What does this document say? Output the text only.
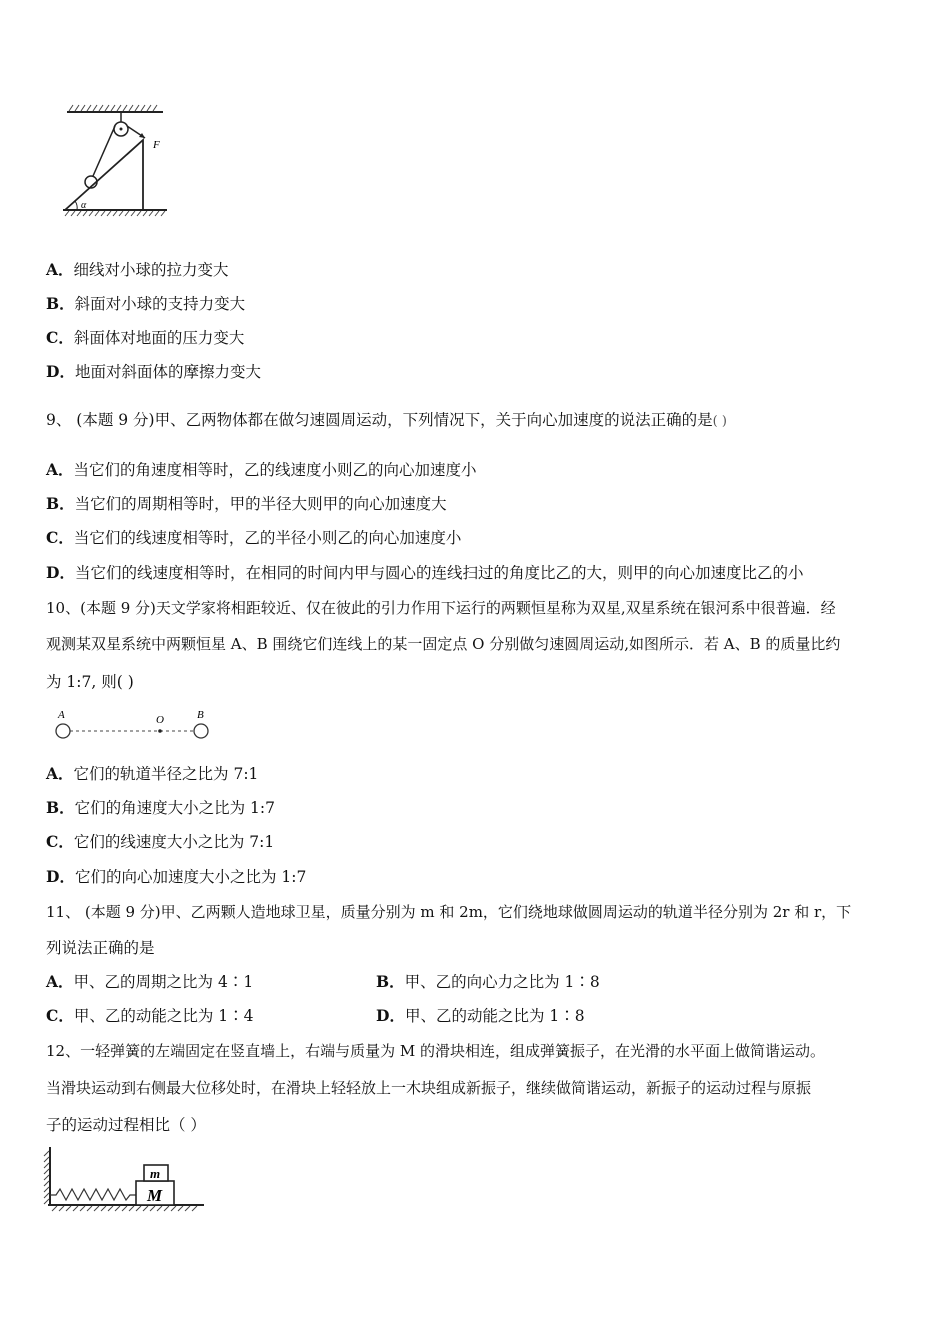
F
α
A．细线对小球的拉力变大
B．斜面对小球的支持力变大
C．斜面体对地面的压力变大
D．地面对斜面体的摩擦力变大
9、 (本题 9 分)甲、乙两物体都在做匀速圆周运动，下列情况下，关于向心加速度的说法正确的是( )
A．当它们的角速度相等时，乙的线速度小则乙的向心加速度小
B．当它们的周期相等时，甲的半径大则甲的向心加速度大
C．当它们的线速度相等时，乙的半径小则乙的向心加速度小
D．当它们的线速度相等时，在相同的时间内甲与圆心的连线扫过的角度比乙的大，则甲的向心加速度比乙的小
10、(本题 9 分)天文学家将相距较近、仅在彼此的引力作用下运行的两颗恒星称为双星,双星系统在银河系中很普遍．经
观测某双星系统中两颗恒星 A、B 围绕它们连线上的某一固定点 O 分别做匀速圆周运动,如图所示．若 A、B 的质量比约
为 1:7, 则( )
A	O	B
A．它们的轨道半径之比为 7:1
B．它们的角速度大小之比为 1:7
C．它们的线速度大小之比为 7:1
D．它们的向心加速度大小之比为 1:7
11、 (本题 9 分)甲、乙两颗人造地球卫星，质量分别为 m 和 2m，它们绕地球做圆周运动的轨道半径分别为 2r 和 r，下
列说法正确的是
A．甲、乙的周期之比为 4∶1	B．甲、乙的向心力之比为 1∶8
C．甲、乙的动能之比为 1∶4	D．甲、乙的动能之比为 1∶8
12、一轻弹簧的左端固定在竖直墙上，右端与质量为 M 的滑块相连，组成弹簧振子，在光滑的水平面上做简谐运动。
当滑块运动到右侧最大位移处时，在滑块上轻轻放上一木块组成新振子，继续做简谐运动，新振子的运动过程与原振
子的运动过程相比（ ）
m
M
